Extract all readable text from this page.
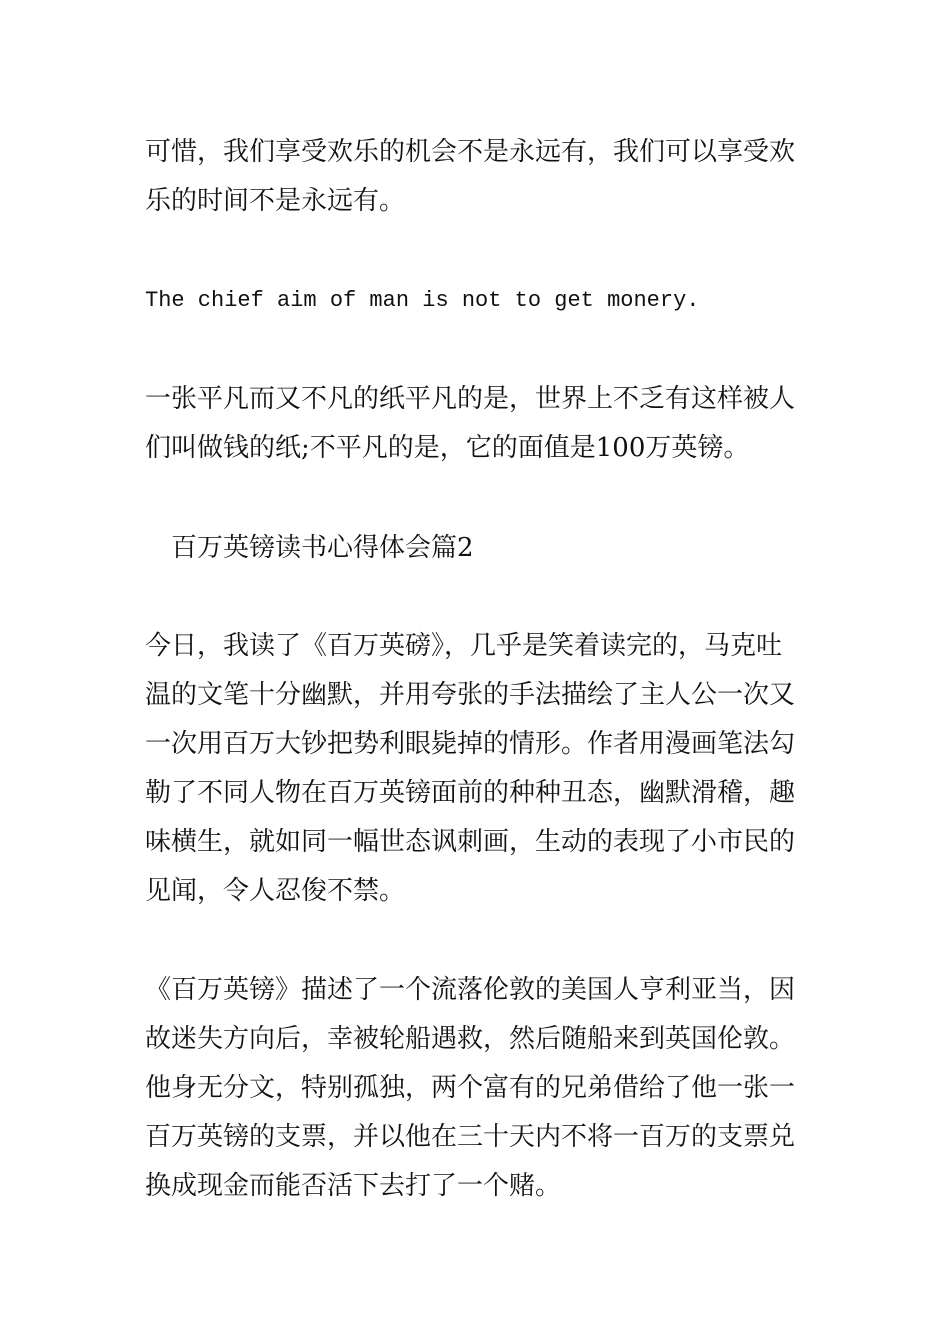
可惜，我们享受欢乐的机会不是永远有，我们可以享受欢
乐的时间不是永远有。

The chief aim of man is not to get monery.

一张平凡而又不凡的纸平凡的是，世界上不乏有这样被人
们叫做钱的纸;不平凡的是，它的面值是100万英镑。

　百万英镑读书心得体会篇2

今日，我读了《百万英磅》，几乎是笑着读完的，马克吐
温的文笔十分幽默，并用夸张的手法描绘了主人公一次又
一次用百万大钞把势利眼毙掉的情形。作者用漫画笔法勾
勒了不同人物在百万英镑面前的种种丑态，幽默滑稽，趣
味横生，就如同一幅世态讽刺画，生动的表现了小市民的
见闻，令人忍俊不禁。

《百万英镑》描述了一个流落伦敦的美国人亨利亚当，因
故迷失方向后，幸被轮船遇救，然后随船来到英国伦敦。
他身无分文，特别孤独，两个富有的兄弟借给了他一张一
百万英镑的支票，并以他在三十天内不将一百万的支票兑
换成现金而能否活下去打了一个赌。
